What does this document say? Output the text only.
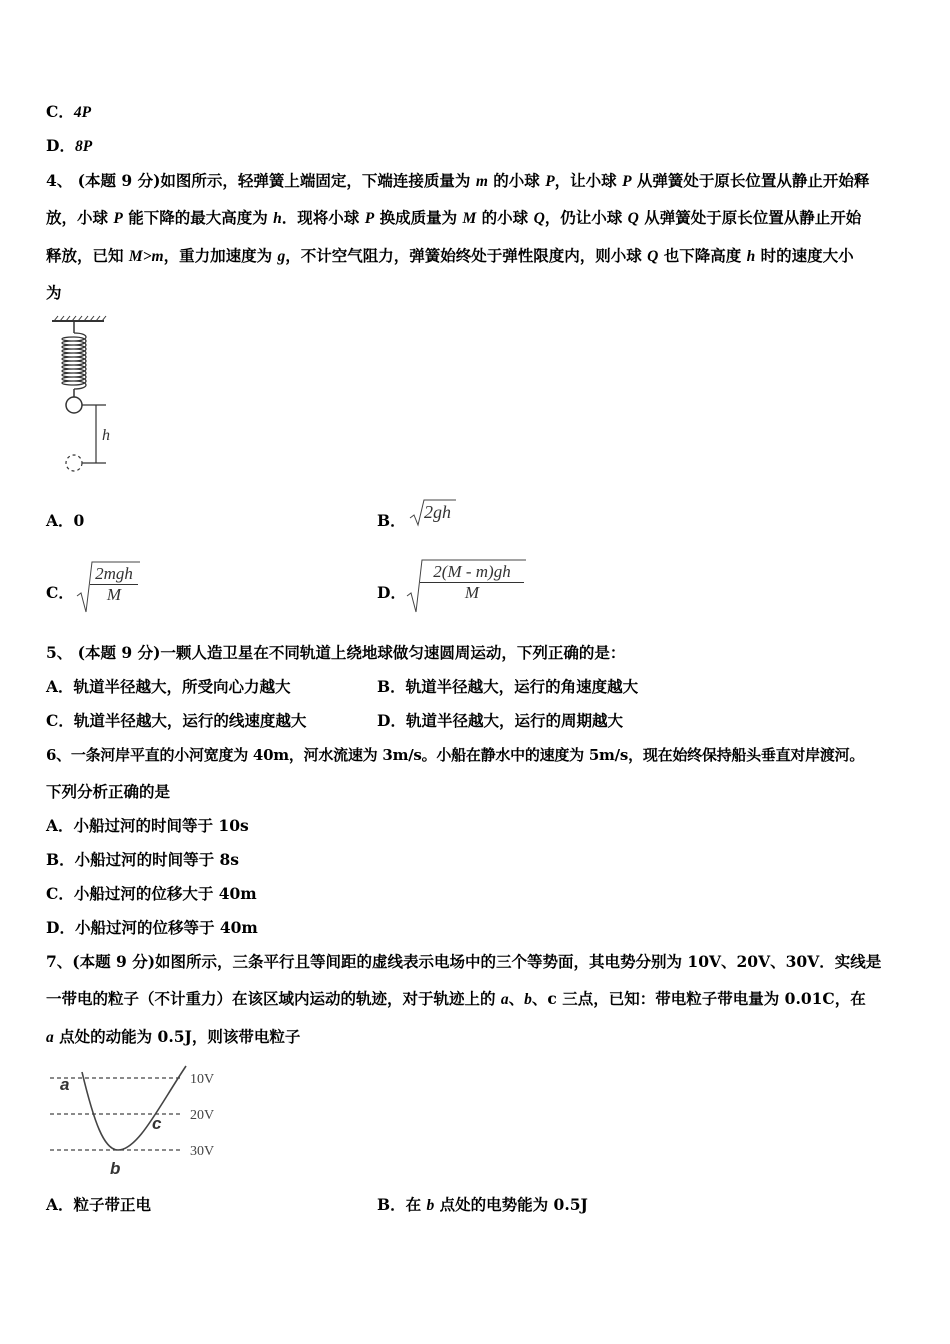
C．4P
D．8P
4、 (本题 9 分)如图所示，轻弹簧上端固定，下端连接质量为 m 的小球 P，让小球 P 从弹簧处于原长位置从静止开始释
放，小球 P 能下降的最大高度为 h．现将小球 P 换成质量为 M 的小球 Q，仍让小球 Q 从弹簧处于原长位置从静止开始
释放，已知 M>m，重力加速度为 g，不计空气阻力，弹簧始终处于弹性限度内，则小球 Q 也下降高度 h 时的速度大小
为
h
A．0	B． 2gh
C．
2mgh
M	D． $\frac{2(M - m)gh}{M}$
5、 (本题 9 分)一颗人造卫星在不同轨道上绕地球做匀速圆周运动，下列正确的是：
A．轨道半径越大，所受向心力越大	B．轨道半径越大，运行的角速度越大
C．轨道半径越大，运行的线速度越大	D．轨道半径越大，运行的周期越大
6、一条河岸平直的小河宽度为 40m，河水流速为 3m/s。小船在静水中的速度为 5m/s，现在始终保持船头垂直对岸渡河。
下列分析正确的是
A．小船过河的时间等于 10s
B．小船过河的时间等于 8s
C．小船过河的位移大于 40m
D．小船过河的位移等于 40m
7、(本题 9 分)如图所示，三条平行且等间距的虚线表示电场中的三个等势面，其电势分别为 10V、20V、30V．实线是
一带电的粒子（不计重力）在该区域内运动的轨迹，对于轨迹上的 a、b、c 三点，已知：带电粒子带电量为 0.01C，在
a 点处的动能为 0.5J，则该带电粒子
10V
20V
30V
a
b
c
A．粒子带正电	B．在 b 点处的电势能为 0.5J
